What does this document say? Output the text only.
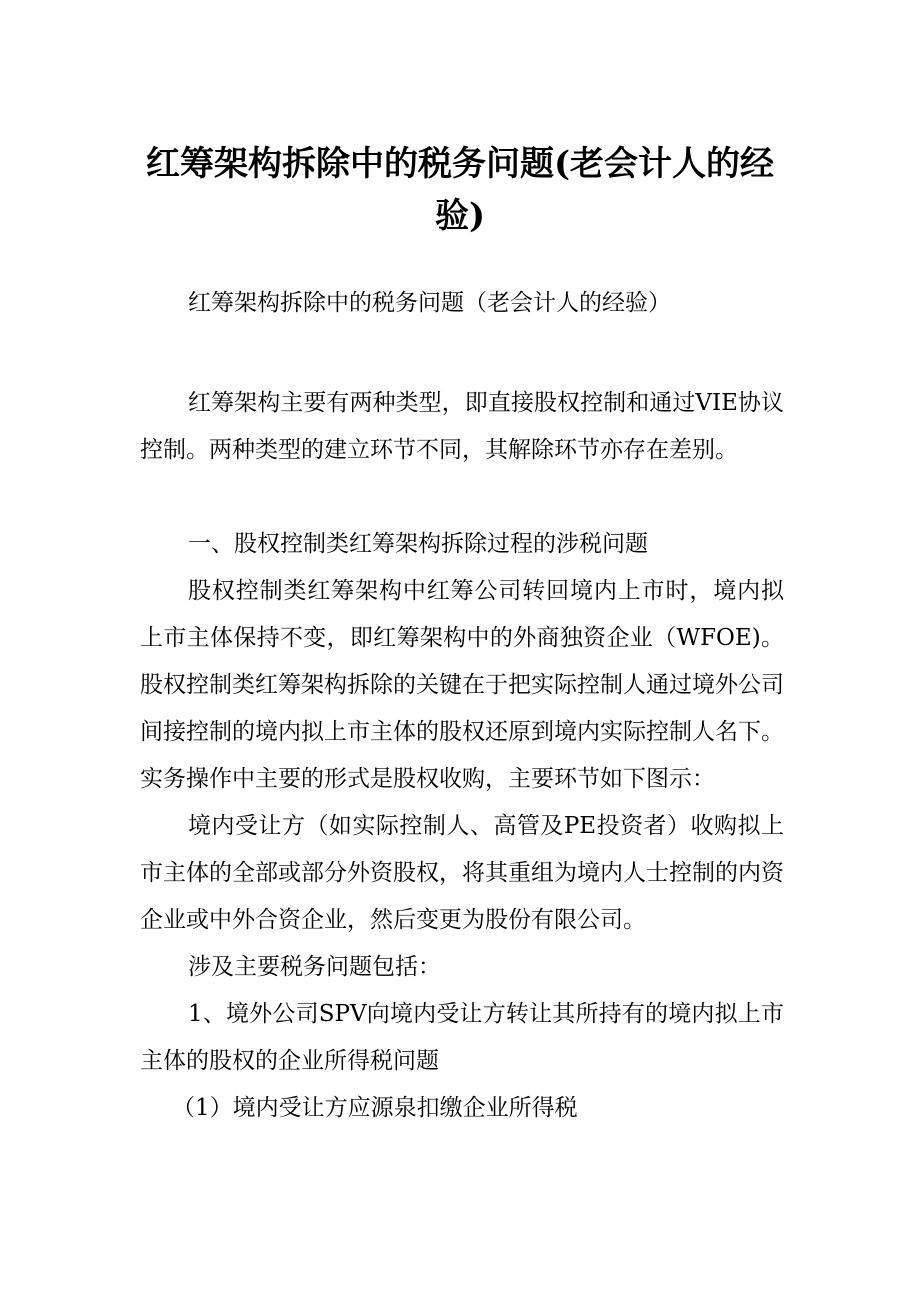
红筹架构拆除中的税务问题(老会计人的经验)

红筹架构拆除中的税务问题（老会计人的经验）

红筹架构主要有两种类型，即直接股权控制和通过VIE协议控制。两种类型的建立环节不同，其解除环节亦存在差别。

一、股权控制类红筹架构拆除过程的涉税问题

股权控制类红筹架构中红筹公司转回境内上市时，境内拟上市主体保持不变，即红筹架构中的外商独资企业（WFOE)。股权控制类红筹架构拆除的关键在于把实际控制人通过境外公司间接控制的境内拟上市主体的股权还原到境内实际控制人名下。实务操作中主要的形式是股权收购，主要环节如下图示：

境内受让方（如实际控制人、高管及PE投资者）收购拟上市主体的全部或部分外资股权，将其重组为境内人士控制的内资企业或中外合资企业，然后变更为股份有限公司。

涉及主要税务问题包括：

1、境外公司SPV向境内受让方转让其所持有的境内拟上市主体的股权的企业所得税问题

（1）境内受让方应源泉扣缴企业所得税
